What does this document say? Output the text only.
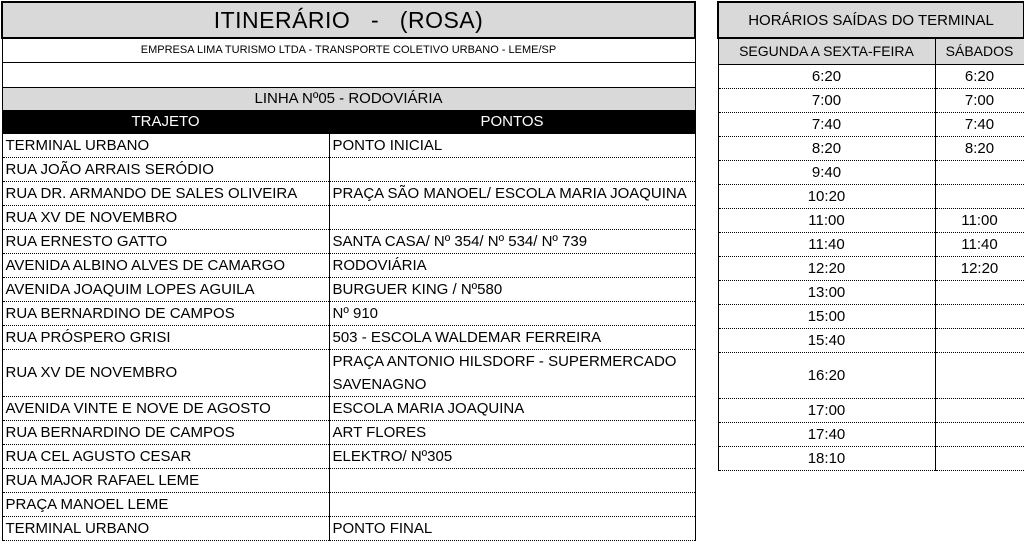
ITINERÁRIO   -   (ROSA)	
EMPRESA LIMA TURISMO LTDA - TRANSPORTE COLETIVO URBANO - LEME/SP	

LINHA Nº05 - RODOVIÁRIA	
TRAJETO	PONTOS
TERMINAL URBANO	PONTO INICIAL
RUA JOÃO ARRAIS SERÓDIO	
RUA DR. ARMANDO DE SALES OLIVEIRA	PRAÇA SÃO MANOEL/ ESCOLA MARIA JOAQUINA
RUA XV DE NOVEMBRO	
RUA ERNESTO GATTO	SANTA CASA/ Nº 354/ Nº 534/ Nº 739
AVENIDA ALBINO ALVES DE CAMARGO	RODOVIÁRIA
AVENIDA JOAQUIM LOPES AGUILA	BURGUER KING / Nº580
RUA BERNARDINO DE CAMPOS	Nº 910
RUA PRÓSPERO GRISI	503 - ESCOLA WALDEMAR FERREIRA
RUA XV DE NOVEMBRO	PRAÇA ANTONIO HILSDORF - SUPERMERCADO SAVENAGNO
AVENIDA VINTE E NOVE DE AGOSTO	ESCOLA MARIA JOAQUINA
RUA BERNARDINO DE CAMPOS	ART FLORES
RUA CEL AGUSTO CESAR	ELEKTRO/ Nº305
RUA MAJOR RAFAEL LEME	
PRAÇA MANOEL LEME	
TERMINAL URBANO	PONTO FINAL
HORÁRIOS SAÍDAS DO TERMINAL	
SEGUNDA A SEXTA-FEIRA	SÁBADOS
6:20	6:20
7:00	7:00
7:40	7:40
8:20	8:20
9:40	
10:20	
11:00	11:00
11:40	11:40
12:20	12:20
13:00	
15:00	
15:40	
16:20	
17:00	
17:40	
18:10	
